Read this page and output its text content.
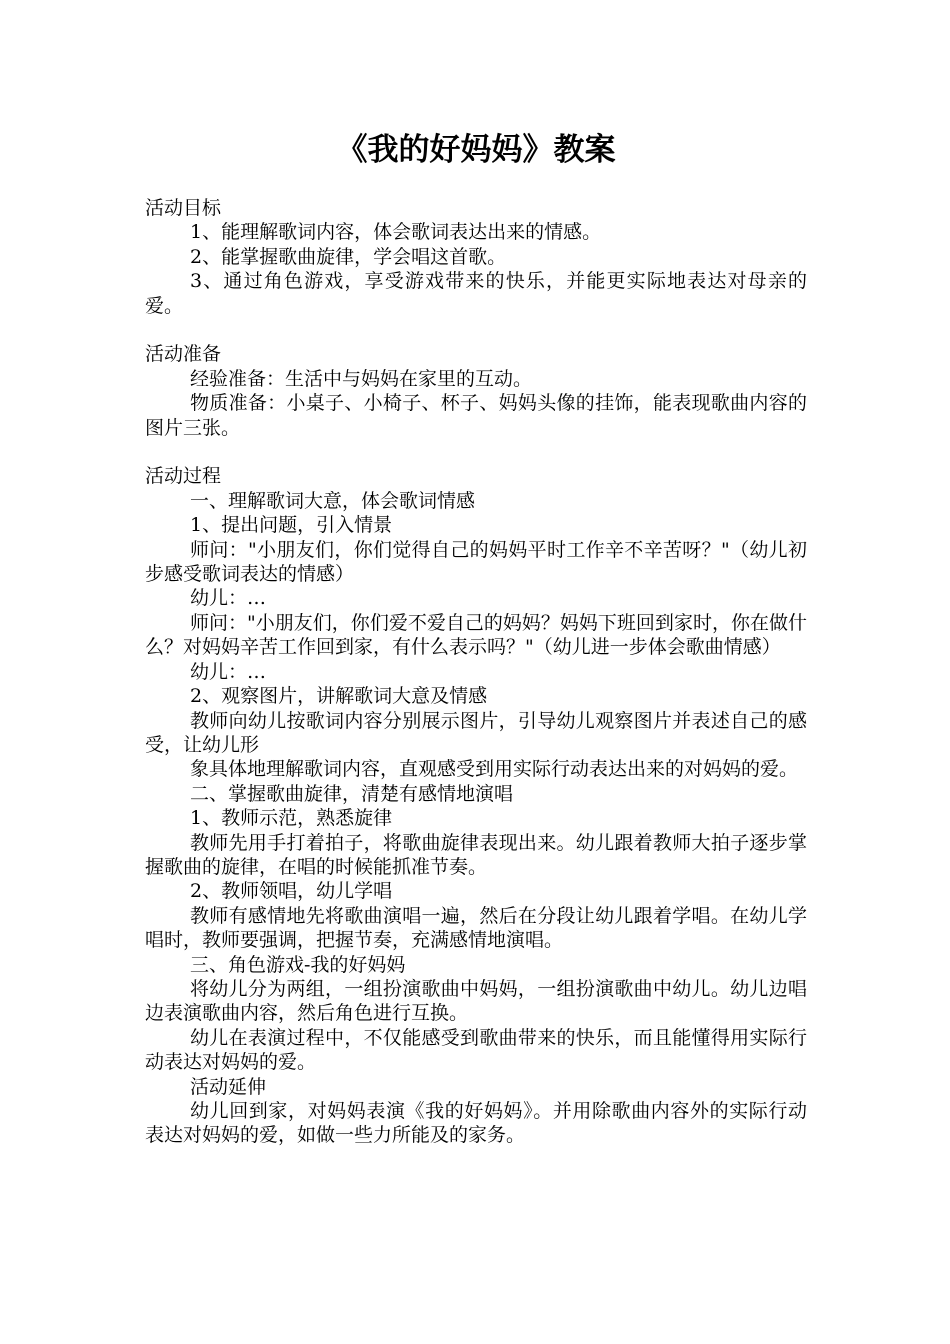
《我的好妈妈》教案

活动目标

1、能理解歌词内容，体会歌词表达出来的情感。

2、能掌握歌曲旋律，学会唱这首歌。

3、通过角色游戏，享受游戏带来的快乐，并能更实际地表达对母亲的爱。

活动准备

经验准备：生活中与妈妈在家里的互动。

物质准备：小桌子、小椅子、杯子、妈妈头像的挂饰，能表现歌曲内容的图片三张。

活动过程

一、理解歌词大意，体会歌词情感

1、提出问题，引入情景

师问："小朋友们，你们觉得自己的妈妈平时工作辛不辛苦呀？"（幼儿初步感受歌词表达的情感）

幼儿：…

师问："小朋友们，你们爱不爱自己的妈妈？妈妈下班回到家时，你在做什么？对妈妈辛苦工作回到家，有什么表示吗？"（幼儿进一步体会歌曲情感）

幼儿：…

2、观察图片，讲解歌词大意及情感

教师向幼儿按歌词内容分别展示图片，引导幼儿观察图片并表述自己的感受，让幼儿形

象具体地理解歌词内容，直观感受到用实际行动表达出来的对妈妈的爱。

二、掌握歌曲旋律，清楚有感情地演唱

1、教师示范，熟悉旋律

教师先用手打着拍子，将歌曲旋律表现出来。幼儿跟着教师大拍子逐步掌握歌曲的旋律，在唱的时候能抓准节奏。

2、教师领唱，幼儿学唱

教师有感情地先将歌曲演唱一遍，然后在分段让幼儿跟着学唱。在幼儿学唱时，教师要强调，把握节奏，充满感情地演唱。

三、角色游戏-我的好妈妈

将幼儿分为两组，一组扮演歌曲中妈妈，一组扮演歌曲中幼儿。幼儿边唱边表演歌曲内容，然后角色进行互换。

幼儿在表演过程中，不仅能感受到歌曲带来的快乐，而且能懂得用实际行动表达对妈妈的爱。

活动延伸

幼儿回到家，对妈妈表演《我的好妈妈》。并用除歌曲内容外的实际行动表达对妈妈的爱，如做一些力所能及的家务。
